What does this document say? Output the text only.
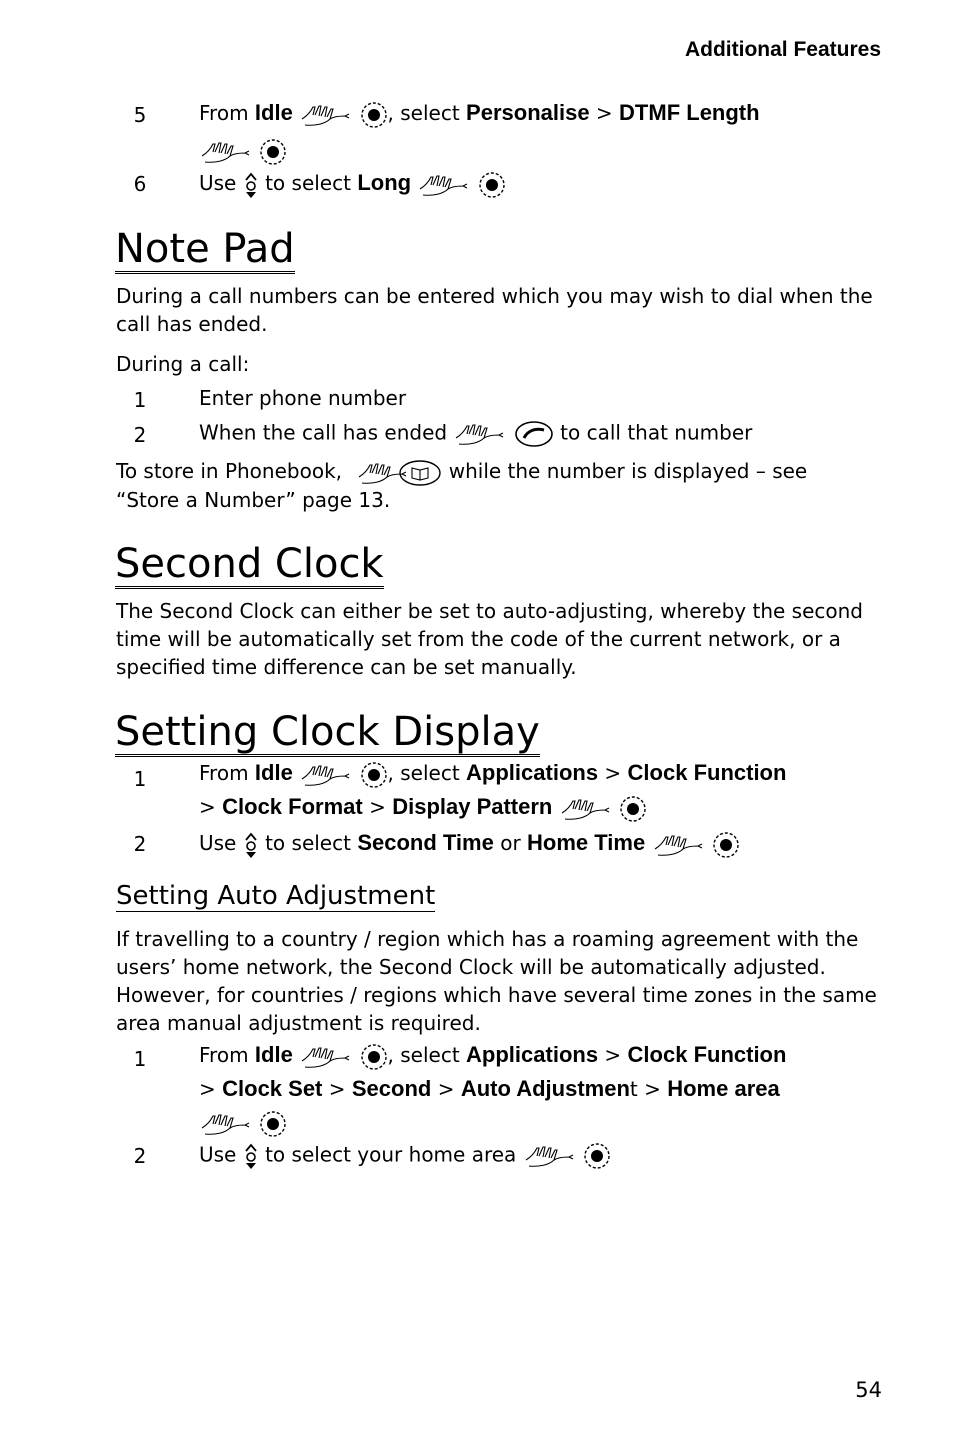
Additional Features
5	From Idle	, select Personalise > DTMF Length

6	Use to select Long
Note Pad
During a call numbers can be entered which you may wish to dial when the call has ended.
During a call:
1	Enter phone number
2	When the call has ended	to call that number
To store in Phonebook,	while the number is displayed – see
“Store a Number” page 13.
Second Clock
The Second Clock can either be set to auto-adjusting, whereby the second time will be automatically set from the code of the current network, or a specified time difference can be set manually.
Setting Clock Display
1	From Idle	, select Applications > Clock Function
> Clock Format > Display Pattern
2	Use to select Second Time or Home Time
Setting Auto Adjustment
If travelling to a country / region which has a roaming agreement with the users’ home network, the Second Clock will be automatically adjusted. However, for countries / regions which have several time zones in the same area manual adjustment is required.
1	From Idle	, select Applications > Clock Function
> Clock Set > Second > Auto Adjustment > Home area

2	Use to select your home area
54
